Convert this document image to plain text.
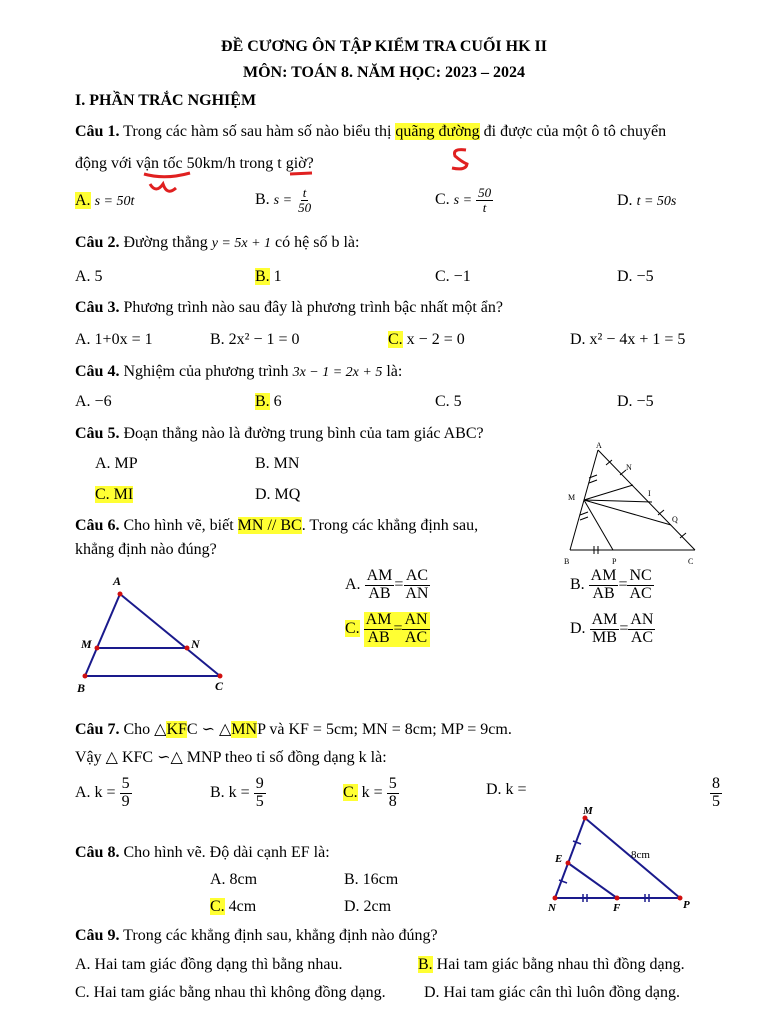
ĐỀ CƯƠNG ÔN TẬP KIỂM TRA CUỐI HK II
MÔN: TOÁN 8. NĂM HỌC: 2023 – 2024
I. PHẦN TRẮC NGHIỆM
Câu 1. Trong các hàm số sau hàm số nào biểu thị quãng đường đi được của một ô tô chuyển
động với vận tốc 50km/h trong t giờ?
A. s = 50t	B. $s = \frac{t}{50}$	C. $s = \frac{50}{t}$	D. t = 50s
Câu 2. Đường thẳng y = 5x + 1 có hệ số b là:
A. 5	B. 1	C. −1	D. −5
Câu 3. Phương trình nào sau đây là phương trình bậc nhất một ẩn?
A. 1+0x = 1	B. 2x² − 1 = 0	C. x − 2 = 0	D. x² − 4x + 1 = 5
Câu 4. Nghiệm của phương trình 3x − 1 = 2x + 5 là:
A. −6	B. 6	C. 5	D. −5
Câu 5. Đoạn thẳng nào là đường trung bình của tam giác ABC?
A. MP	B. MN
C. MI	D. MQ
A
N
M	I
Q
B	P	C
Câu 6. Cho hình vẽ, biết MN // BC. Trong các khẳng định sau,
khẳng định nào đúng?
A
M	N
B	C
A. $\frac{AM}{AB} = \frac{AC}{AN}$	B. $\frac{AM}{AB} = \frac{NC}{AC}$
C. $\frac{AM}{AB} = \frac{AN}{AC}$	D. $\frac{AM}{MB} = \frac{AN}{AC}$
Câu 7. Cho △KFC ∽ △MNP và KF = 5cm; MN = 8cm; MP = 9cm.
Vậy △ KFC ∽△ MNP theo tỉ số đồng dạng k là:
A. $k = \frac{5}{9}$	B. $k = \frac{9}{5}$	C. $k = \frac{5}{8}$	D. k =	$\frac{8}{5}$
Câu 8. Cho hình vẽ. Độ dài cạnh EF là:
A. 8cm	B. 16cm
C. 4cm	D. 2cm
M
E
N	F	P
8cm
Câu 9. Trong các khẳng định sau, khẳng định nào đúng?
A. Hai tam giác đồng dạng thì bằng nhau.	B. Hai tam giác bằng nhau thì đồng dạng.
C. Hai tam giác bằng nhau thì không đồng dạng. D. Hai tam giác cân thì luôn đồng dạng.
